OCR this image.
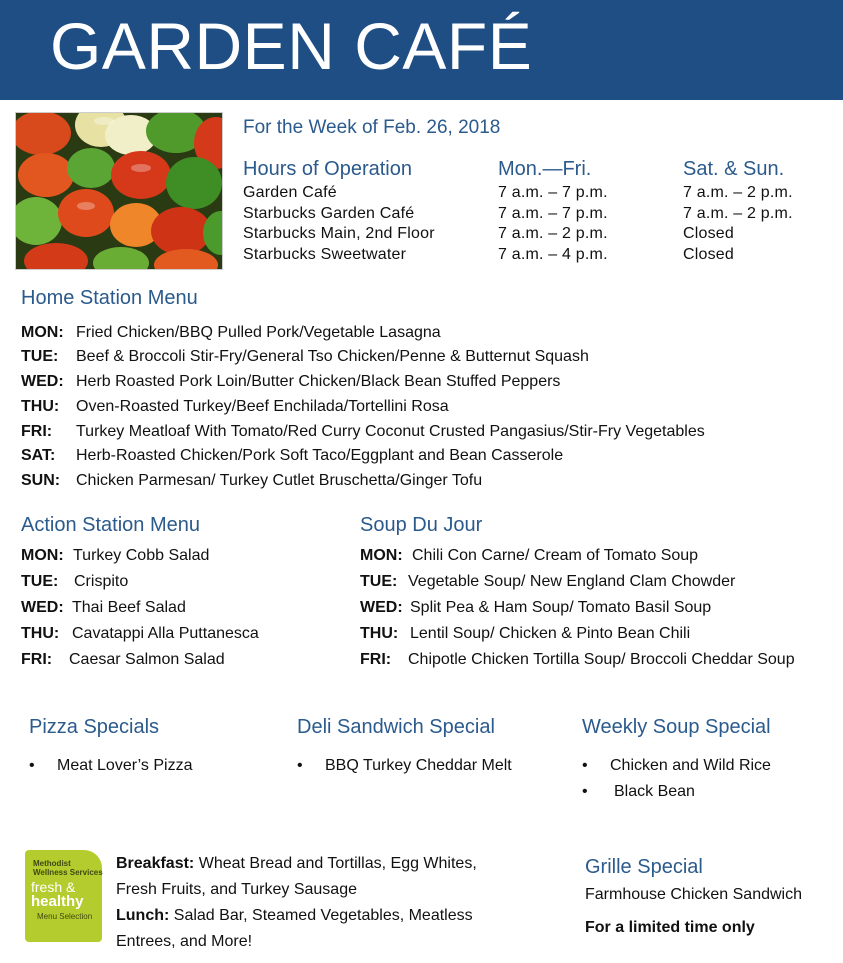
GARDEN CAFÉ
For the Week of Feb. 26, 2018
Hours of Operation	Mon.—Fri.	Sat. & Sun.
Garden Café	7 a.m. – 7 p.m.	7 a.m. – 2 p.m.
Starbucks Garden Café	7 a.m. – 7 p.m.	7 a.m. – 2 p.m.
Starbucks Main, 2nd Floor	7 a.m. – 2 p.m.	Closed
Starbucks Sweetwater	7 a.m. – 4 p.m.	Closed
Home Station Menu
MON: Fried Chicken/BBQ Pulled Pork/Vegetable Lasagna
TUE: Beef & Broccoli Stir-Fry/General Tso Chicken/Penne & Butternut Squash
WED: Herb Roasted Pork Loin/Butter Chicken/Black Bean Stuffed Peppers
THU: Oven-Roasted Turkey/Beef Enchilada/Tortellini Rosa
FRI: Turkey Meatloaf With Tomato/Red Curry Coconut Crusted Pangasius/Stir-Fry Vegetables
SAT: Herb-Roasted Chicken/Pork Soft Taco/Eggplant and Bean Casserole
SUN: Chicken Parmesan/ Turkey Cutlet Bruschetta/Ginger Tofu
Action Station Menu
MON: Turkey Cobb Salad
TUE: Crispito
WED: Thai Beef Salad
THU: Cavatappi Alla Puttanesca
FRI: Caesar Salmon Salad
Soup Du Jour
MON: Chili Con Carne/ Cream of Tomato Soup
TUE: Vegetable Soup/ New England Clam Chowder
WED: Split Pea & Ham Soup/ Tomato Basil Soup
THU: Lentil Soup/ Chicken & Pinto Bean Chili
FRI: Chipotle Chicken Tortilla Soup/ Broccoli Cheddar Soup
Pizza Specials
• Meat Lover’s Pizza
Deli Sandwich Special
• BBQ Turkey Cheddar Melt
Weekly Soup Special
• Chicken and Wild Rice
• Black Bean
Methodist
Wellness Services
fresh &
healthy
Menu Selection
Breakfast: Wheat Bread and Tortillas, Egg Whites,
Fresh Fruits, and Turkey Sausage
Lunch: Salad Bar, Steamed Vegetables, Meatless
Entrees, and More!
Grille Special
Farmhouse Chicken Sandwich
For a limited time only
